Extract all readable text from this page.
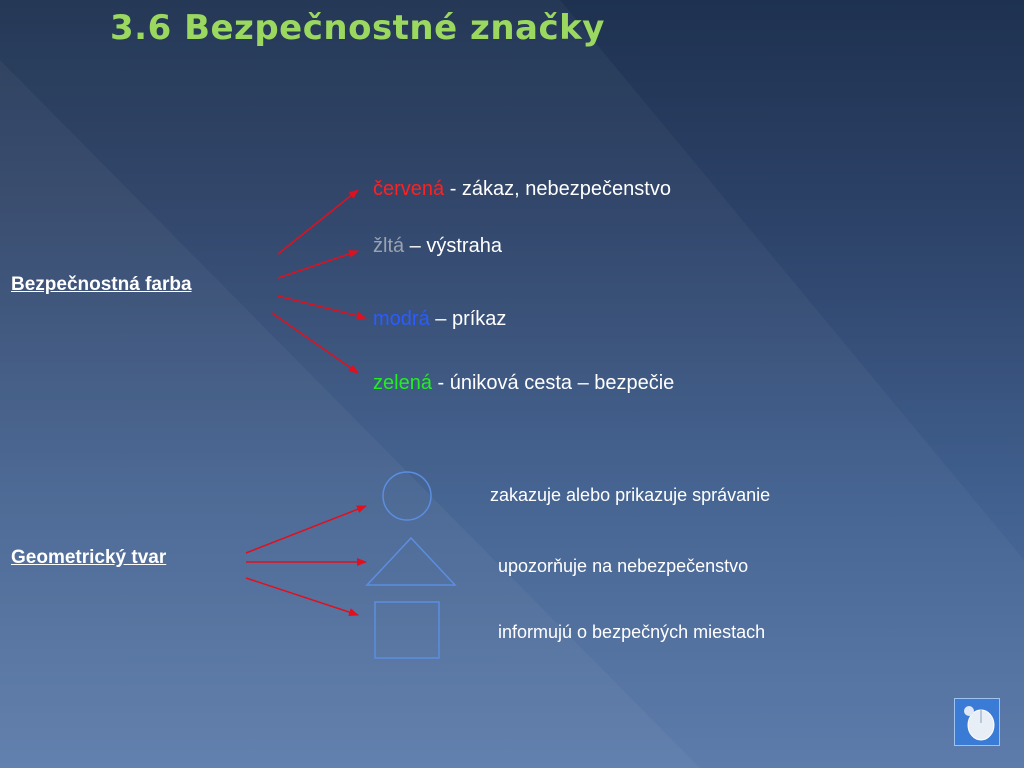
3.6 Bezpečnostné značky
Bezpečnostná farba
červená - zákaz, nebezpečenstvo
žltá – výstraha
modrá – príkaz
zelená - úniková cesta – bezpečie
Geometrický tvar
zakazuje alebo prikazuje správanie
upozorňuje na nebezpečenstvo
informujú o bezpečných miestach
